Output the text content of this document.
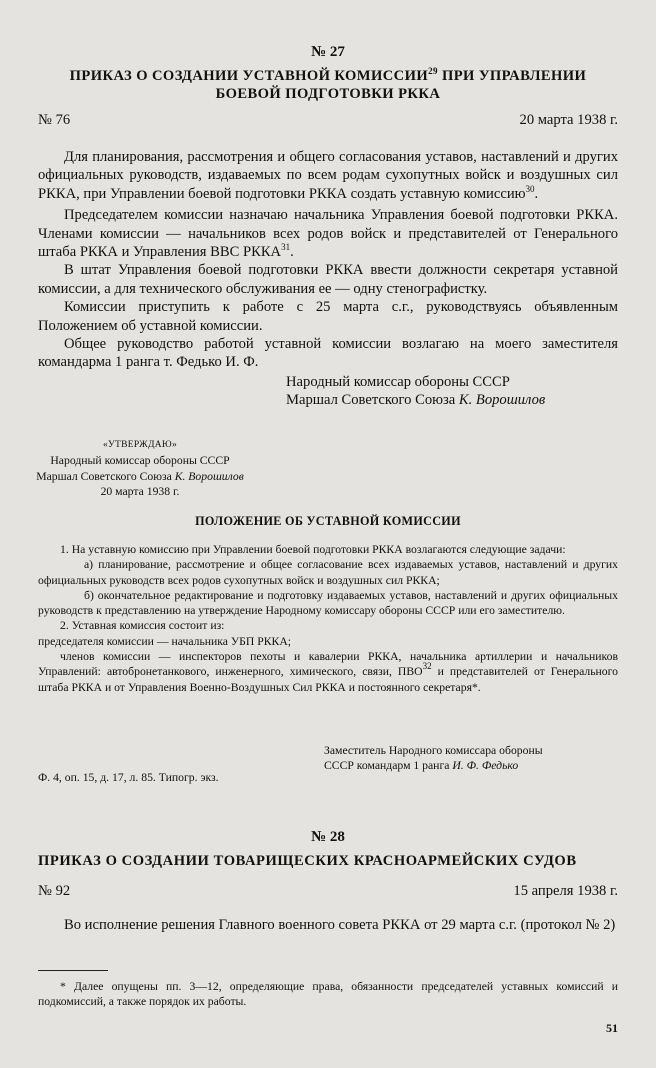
№ 27
ПРИКАЗ О СОЗДАНИИ УСТАВНОЙ КОМИССИИ$^{29}$ ПРИ УПРАВЛЕНИИ
БОЕВОЙ ПОДГОТОВКИ РККА
№ 76	20 марта 1938 г.
Для планирования, рассмотрения и общего согласования уставов, наставлений и других официальных руководств, издаваемых по всем родам сухопутных войск и воздушных сил РККА, при Управлении боевой подготовки РККА создать уставную комиссию$^{30}$.
Председателем комиссии назначаю начальника Управления боевой подготовки РККА. Членами комиссии — начальников всех родов войск и представителей от Генерального штаба РККА и Управления ВВС РККА$^{31}$.
В штат Управления боевой подготовки РККА ввести должности секретаря уставной комиссии, а для технического обслуживания ее — одну стенографистку.
Комиссии приступить к работе с 25 марта с.г., руководствуясь объявленным Положением об уставной комиссии.
Общее руководство работой уставной комиссии возлагаю на моего заместителя командарма 1 ранга т. Федько И. Ф.
Народный комиссар обороны СССР
Маршал Советского Союза К. Ворошилов
«УТВЕРЖДАЮ»
Народный комиссар обороны СССР
Маршал Советского Союза К. Ворошилов
20 марта 1938 г.
ПОЛОЖЕНИЕ ОБ УСТАВНОЙ КОМИССИИ
1. На уставную комиссию при Управлении боевой подготовки РККА возлагаются следующие задачи:
а) планирование, рассмотрение и общее согласование всех издаваемых уставов, наставлений и других официальных руководств всех родов сухопутных войск и воздушных сил РККА;
б) окончательное редактирование и подготовку издаваемых уставов, наставлений и других официальных руководств к представлению на утверждение Народному комиссару обороны СССР или его заместителю.
2. Уставная комиссия состоит из:
председателя комиссии — начальника УБП РККА;
членов комиссии — инспекторов пехоты и кавалерии РККА, начальника артиллерии и начальников Управлений: автобронетанкового, инженерного, химического, связи, ПВО$^{32}$ и представителей от Генерального штаба РККА и от Управления Военно-Воздушных Сил РККА и постоянного секретаря*.
Заместитель Народного комиссара обороны
СССР командарм 1 ранга И. Ф. Федько
Ф. 4, оп. 15, д. 17, л. 85. Типогр. экз.
№ 28
ПРИКАЗ О СОЗДАНИИ ТОВАРИЩЕСКИХ КРАСНОАРМЕЙСКИХ СУДОВ
№ 92	15 апреля 1938 г.
Во исполнение решения Главного военного совета РККА от 29 марта с.г. (протокол № 2)
* Далее опущены пп. 3—12, определяющие права, обязанности председателей уставных комиссий и подкомиссий, а также порядок их работы.
51
